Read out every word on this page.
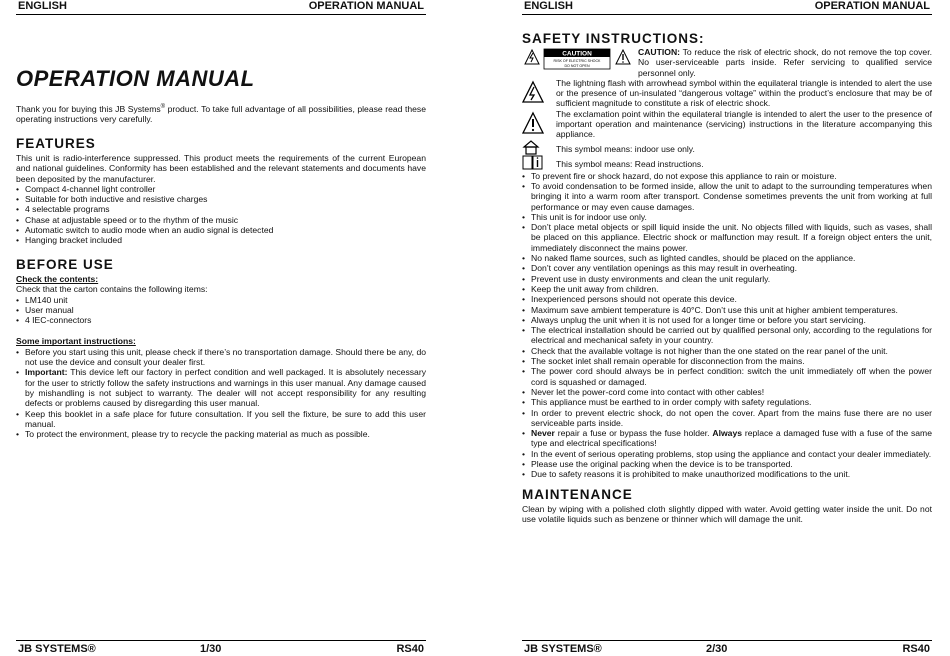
ENGLISH	OPERATION MANUAL
OPERATION MANUAL

Thank you for buying this JB Systems® product. To take full advantage of all possibilities, please read these operating instructions very carefully.

FEATURES

This unit is radio-interference suppressed. This product meets the requirements of the current European and national guidelines. Conformity has been established and the relevant statements and documents have been deposited by the manufacturer.

• Compact 4-channel light controller
• Suitable for both inductive and resistive charges
• 4 selectable programs
• Chase at adjustable speed or to the rhythm of the music
• Automatic switch to audio mode when an audio signal is detected
• Hanging bracket included
BEFORE USE

Check the contents:

Check that the carton contains the following items:

• LM140 unit
• User manual
• 4 IEC-connectors

Some important instructions:

• Before you start using this unit, please check if there’s no transportation damage. Should there be any, do not use the device and consult your dealer first.
• Important: This device left our factory in perfect condition and well packaged. It is absolutely necessary for the user to strictly follow the safety instructions and warnings in this user manual. Any damage caused by mishandling is not subject to warranty. The dealer will not accept responsibility for any resulting defects or problems caused by disregarding this user manual.
• Keep this booklet in a safe place for future consultation. If you sell the fixture, be sure to add this user manual.
• To protect the environment, please try to recycle the packing material as much as possible.
JB SYSTEMS®	1/30	RS40
ENGLISH	OPERATION MANUAL
SAFETY INSTRUCTIONS:
CAUTION
RISK OF ELECTRIC SHOCK
DO NOT OPEN
CAUTION: To reduce the risk of electric shock, do not remove the top cover. No user-serviceable parts inside. Refer servicing to qualified service personnel only.
The lightning flash with arrowhead symbol within the equilateral triangle is intended to alert the use or the presence of un-insulated “dangerous voltage” within the product’s enclosure that may be of sufficient magnitude to constitute a risk of electric shock.
The exclamation point within the equilateral triangle is intended to alert the user to the presence of important operation and maintenance (servicing) instructions in the literature accompanying this appliance.
This symbol means: indoor use only.
This symbol means: Read instructions.
• To prevent fire or shock hazard, do not expose this appliance to rain or moisture.
• To avoid condensation to be formed inside, allow the unit to adapt to the surrounding temperatures when bringing it into a warm room after transport. Condense sometimes prevents the unit from working at full performance or may even cause damages.
• This unit is for indoor use only.
• Don’t place metal objects or spill liquid inside the unit. No objects filled with liquids, such as vases, shall be placed on this appliance. Electric shock or malfunction may result. If a foreign object enters the unit, immediately disconnect the mains power.
• No naked flame sources, such as lighted candles, should be placed on the appliance.
• Don’t cover any ventilation openings as this may result in overheating.
• Prevent use in dusty environments and clean the unit regularly.
• Keep the unit away from children.
• Inexperienced persons should not operate this device.
• Maximum save ambient temperature is 40°C. Don’t use this unit at higher ambient temperatures.
• Always unplug the unit when it is not used for a longer time or before you start servicing.
• The electrical installation should be carried out by qualified personal only, according to the regulations for electrical and mechanical safety in your country.
• Check that the available voltage is not higher than the one stated on the rear panel of the unit.
• The socket inlet shall remain operable for disconnection from the mains.
• The power cord should always be in perfect condition: switch the unit immediately off when the power cord is squashed or damaged.
• Never let the power-cord come into contact with other cables!
• This appliance must be earthed to in order comply with safety regulations.
• In order to prevent electric shock, do not open the cover. Apart from the mains fuse there are no user serviceable parts inside.
• Never repair a fuse or bypass the fuse holder. Always replace a damaged fuse with a fuse of the same type and electrical specifications!
• In the event of serious operating problems, stop using the appliance and contact your dealer immediately.
• Please use the original packing when the device is to be transported.
• Due to safety reasons it is prohibited to make unauthorized modifications to the unit.
MAINTENANCE

Clean by wiping with a polished cloth slightly dipped with water. Avoid getting water inside the unit. Do not use volatile liquids such as benzene or thinner which will damage the unit.

JB SYSTEMS®	2/30	RS40
